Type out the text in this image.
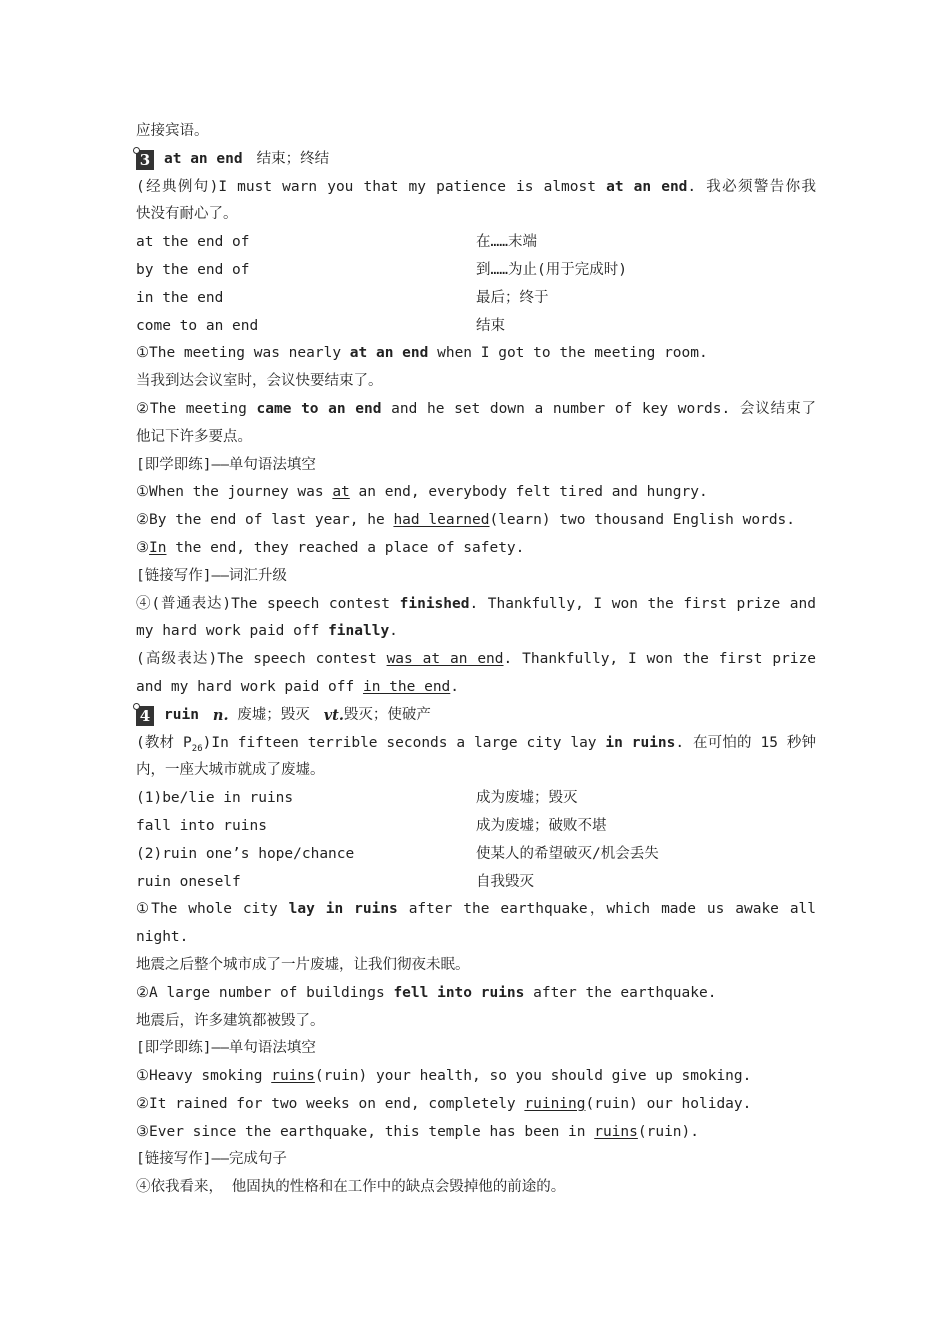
应接宾语。
3 at an end 结束；终结
(经典例句)I must warn you that my patience is almost at an end. 我必须警告你我
快没有耐心了。
at the end of	在……末端
by the end of	到……为止(用于完成时)
in the end	最后；终于
come to an end	结束
①The meeting was nearly at an end when I got to the meeting room.
当我到达会议室时，会议快要结束了。
②The meeting came to an end and he set down a number of key words. 会议结束了
他记下许多要点。
[即学即练]——单句语法填空
①When the journey was at an end, everybody felt tired and hungry.
②By the end of last year, he had learned(learn) two thousand English words.
③In the end, they reached a place of safety.
[链接写作]——词汇升级
④(普通表达)The speech contest finished. Thankfully, I won the first prize and
my hard work paid off finally.
(高级表达)The speech contest was at an end. Thankfully, I won the first prize
and my hard work paid off in the end.
4 ruin n.
废墟；毁灭 vt. 毁灭；使破产
(教材 $P_{26})In$ fifteen terrible seconds a large city lay in ruins. 在可怕的 15 秒钟
内，一座大城市就成了废墟。
(1)be/lie in ruins	成为废墟；毁灭
fall into ruins	成为废墟；破败不堪
(2)ruin one’s hope/chance	使某人的希望破灭/机会丢失
ruin oneself	自我毁灭
①The whole city lay in ruins after the earthquake，which made us awake all
night.
地震之后整个城市成了一片废墟，让我们彻夜未眠。
②A large number of buildings fell into ruins after the earthquake.
地震后，许多建筑都被毁了。
[即学即练]——单句语法填空
①Heavy smoking ruins(ruin) your health, so you should give up smoking.
②It rained for two weeks on end, completely ruining(ruin) our holiday.
③Ever since the earthquake, this temple has been in ruins(ruin).
[链接写作]——完成句子
④依我看来， 他固执的性格和在工作中的缺点会毁掉他的前途的。
